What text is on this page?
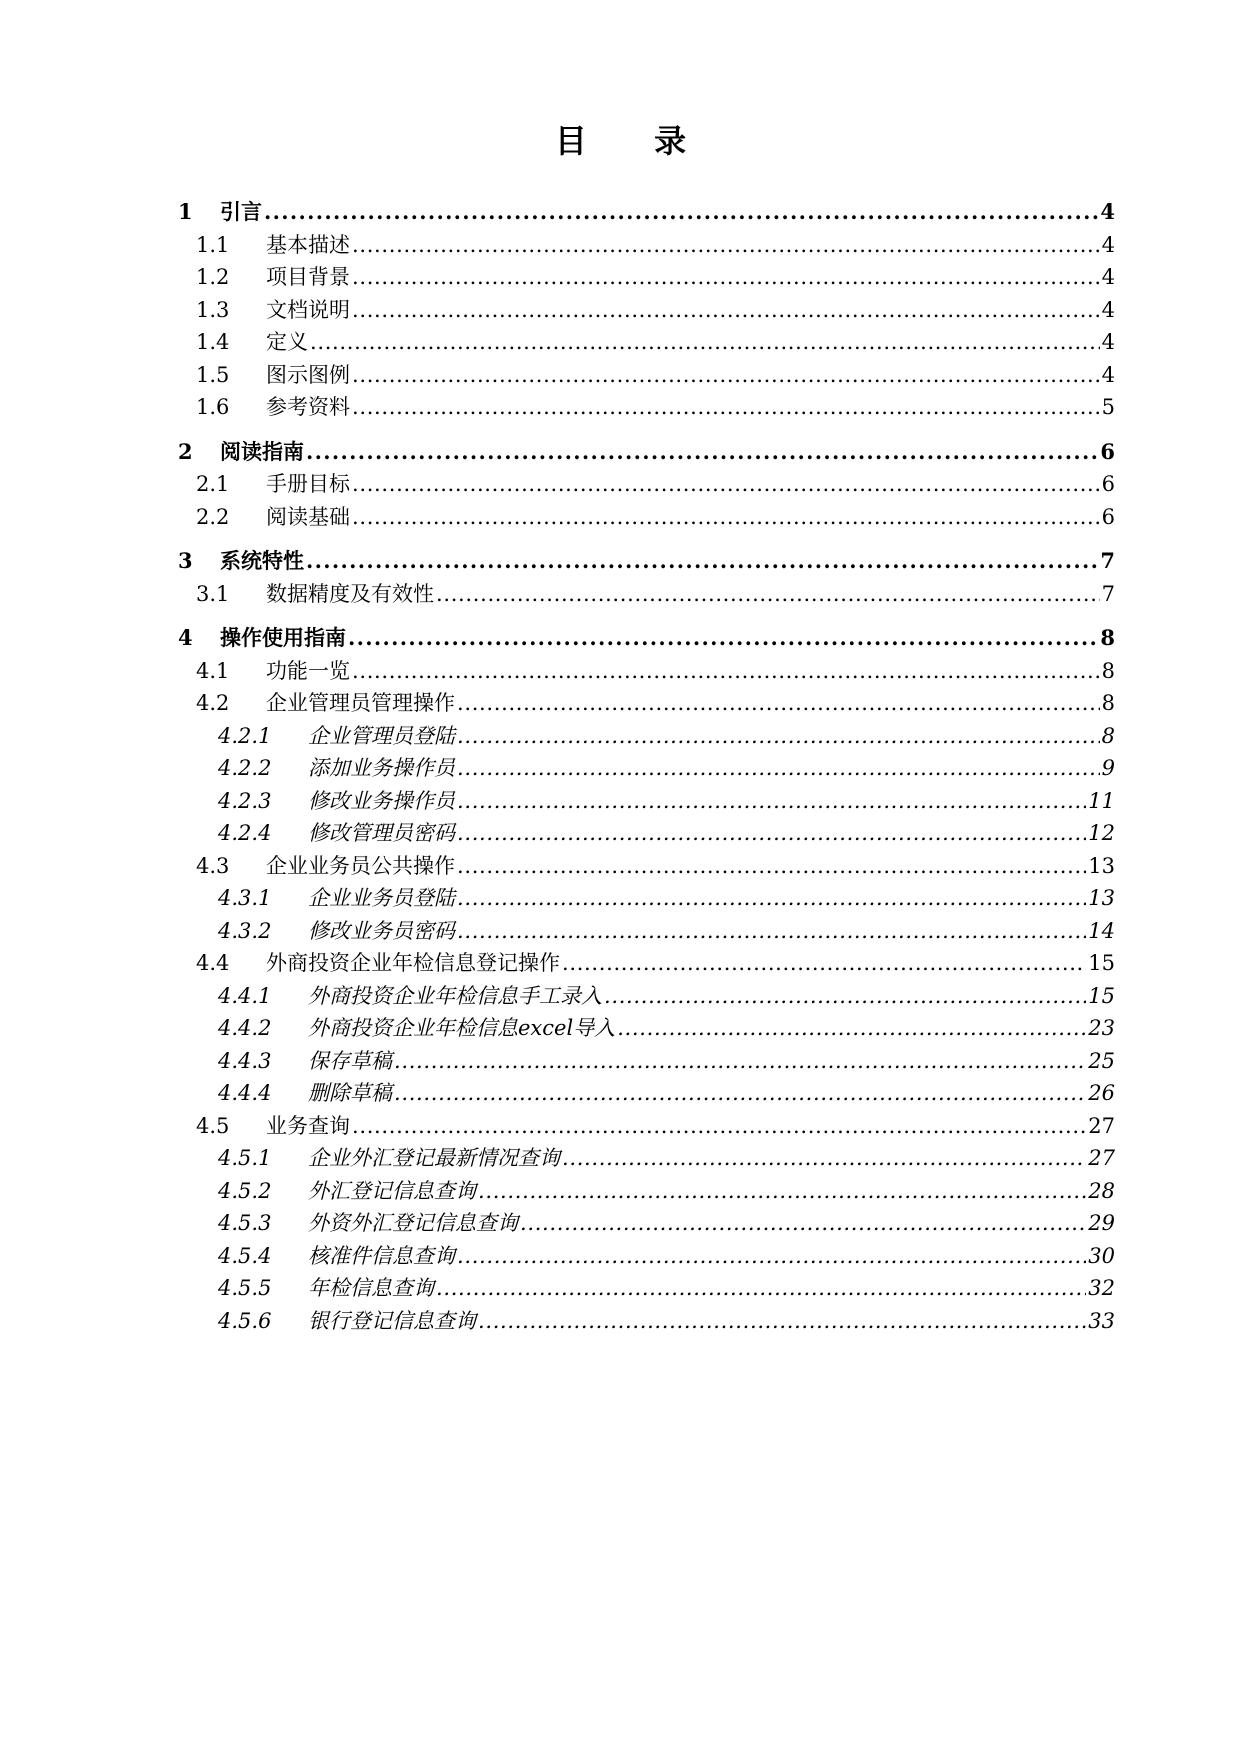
目 录
1	引言 . . .	4
1.1	基本描述 . . .	4
1.2	项目背景 . . .	4
1.3	文档说明 . . .	4
1.4	定义 . . .	4
1.5	图示图例 . . .	4
1.6	参考资料 . . .	5
2	阅读指南 . . .	6
2.1	手册目标 . . .	6
2.2	阅读基础 . . .	6
3	系统特性 . . .	7
3.1	数据精度及有效性 . . .	7
4	操作使用指南 . . .	8
4.1	功能一览 . . .	8
4.2	企业管理员管理操作 . . .	8
4.2.1	企业管理员登陆 . . .	8
4.2.2	添加业务操作员 . . .	9
4.2.3	修改业务操作员 . . .	11
4.2.4	修改管理员密码 . . .	12
4.3	企业业务员公共操作 . . .	13
4.3.1	企业业务员登陆 . . .	13
4.3.2	修改业务员密码 . . .	14
4.4	外商投资企业年检信息登记操作 . . .	15
4.4.1	外商投资企业年检信息手工录入 . . .	15
4.4.2	外商投资企业年检信息excel导入 . . .	23
4.4.3	保存草稿 . . .	25
4.4.4	删除草稿 . . .	26
4.5	业务查询 . . .	27
4.5.1	企业外汇登记最新情况查询 . . .	27
4.5.2	外汇登记信息查询 . . .	28
4.5.3	外资外汇登记信息查询 . . .	29
4.5.4	核准件信息查询 . . .	30
4.5.5	年检信息查询 . . .	32
4.5.6	银行登记信息查询 . . .	33
